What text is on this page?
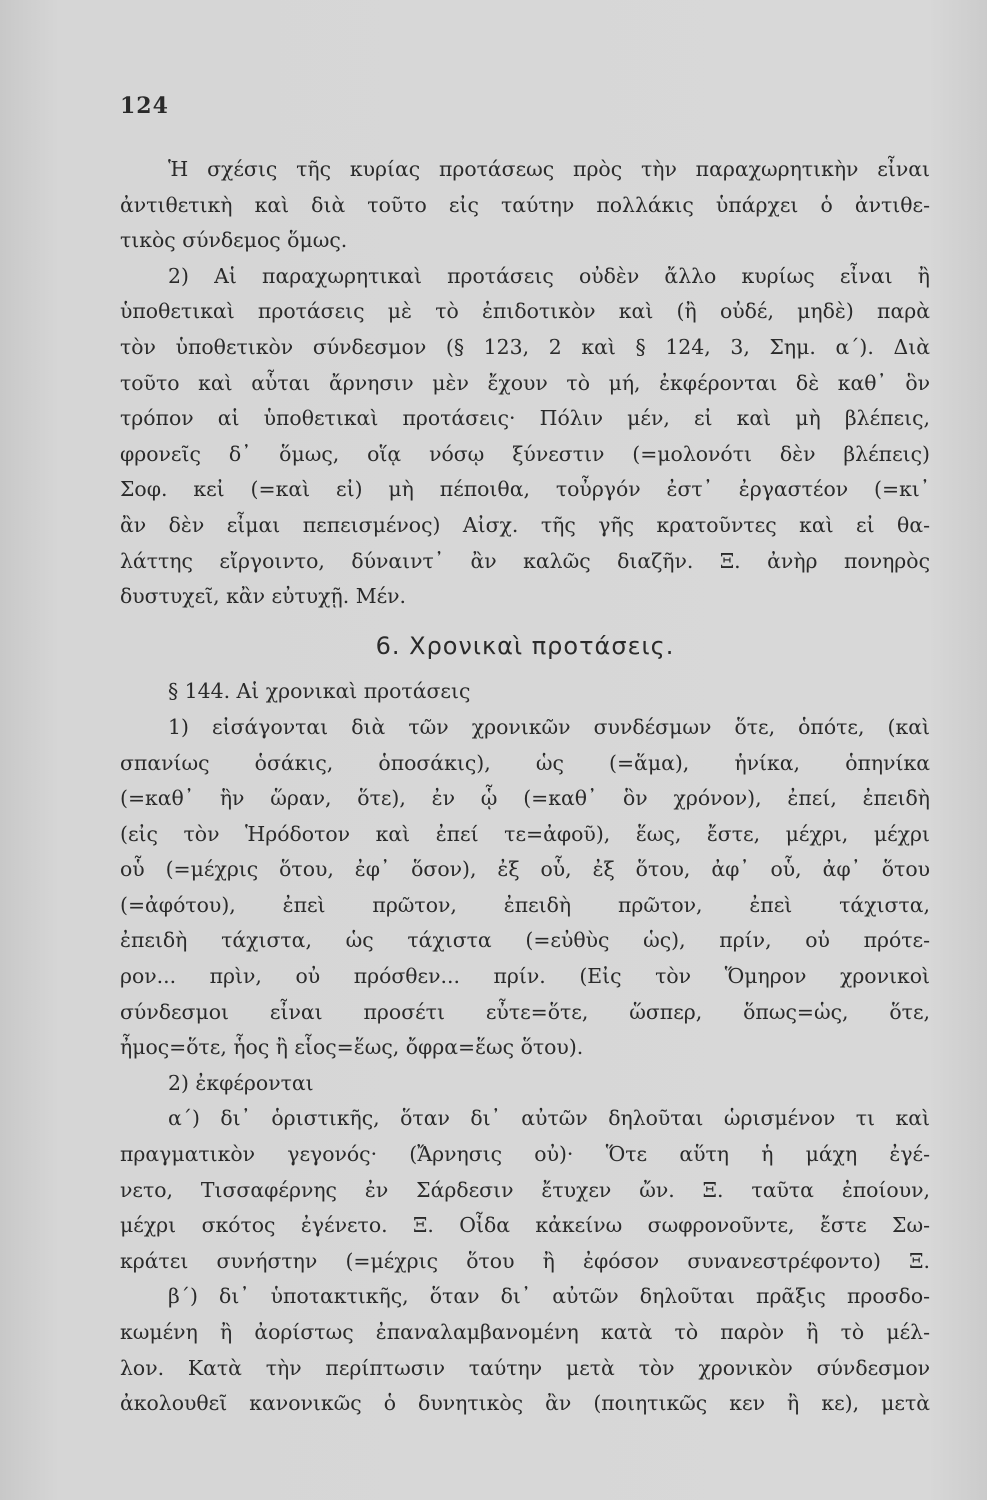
124
Ἡ σχέσις τῆς κυρίας προτάσεως πρὸς τὴν παραχωρητικὴν εἶναι
ἀντιθετικὴ καὶ διὰ τοῦτο εἰς ταύτην πολλάκις ὑπάρχει ὁ ἀντιθε-
τικὸς σύνδεμος ὅμως.
2) Αἱ παραχωρητικαὶ προτάσεις οὐδὲν ἄλλο κυρίως εἶναι ἢ
ὑποθετικαὶ προτάσεις μὲ τὸ ἐπιδοτικὸν καὶ (ἢ οὐδέ, μηδὲ) παρὰ
τὸν ὑποθετικὸν σύνδεσμον (§ 123, 2 καὶ § 124, 3, Σημ. α΄). Διὰ
τοῦτο καὶ αὗται ἄρνησιν μὲν ἔχουν τὸ μή, ἐκφέρονται δὲ καθ᾽ ὃν
τρόπον αἱ ὑποθετικαὶ προτάσεις· Πόλιν μέν, εἰ καὶ μὴ βλέπεις,
φρονεῖς δ᾽ ὅμως, οἵᾳ νόσῳ ξύνεστιν (=μολονότι δὲν βλέπεις)
Σοφ. κεἰ (=καὶ εἰ) μὴ πέποιθα, τοὖργόν ἐστ᾽ ἐργαστέον (=κι᾽
ἂν δὲν εἶμαι πεπεισμένος) Αἰσχ. τῆς γῆς κρατοῦντες καὶ εἰ θα-
λάττης εἴργοιντο, δύναιντ᾽ ἂν καλῶς διαζῆν. Ξ. ἀνὴρ πονηρὸς
δυστυχεῖ, κἂν εὐτυχῇ. Μέν.
6. Χρονικαὶ προτάσεις.
§ 144. Αἱ χρονικαὶ προτάσεις
1) εἰσάγονται διὰ τῶν χρονικῶν συνδέσμων ὅτε, ὁπότε, (καὶ
σπανίως ὁσάκις, ὁποσάκις), ὡς (=ἅμα), ἡνίκα, ὁπηνίκα
(=καθ᾽ ἣν ὥραν, ὅτε), ἐν ᾧ (=καθ᾽ ὃν χρόνον), ἐπεί, ἐπειδὴ
(εἰς τὸν Ἡρόδοτον καὶ ἐπεί τε=ἀφοῦ), ἕως, ἔστε, μέχρι, μέχρι
οὗ (=μέχρις ὅτου, ἐφ᾽ ὅσον), ἐξ οὗ, ἐξ ὅτου, ἀφ᾽ οὗ, ἀφ᾽ ὅτου
(=ἀφότου), ἐπεὶ πρῶτον, ἐπειδὴ πρῶτον, ἐπεὶ τάχιστα,
ἐπειδὴ τάχιστα, ὡς τάχιστα (=εὐθὺς ὡς), πρίν, οὐ πρότε-
ρον... πρὶν, οὐ πρόσθεν... πρίν. (Εἰς τὸν Ὅμηρον χρονικοὶ
σύνδεσμοι εἶναι προσέτι εὖτε=ὅτε, ὥσπερ, ὅπως=ὡς, ὅτε,
ἦμος=ὅτε, ἧος ἢ εἷος=ἕως, ὄφρα=ἕως ὅτου).
2) ἐκφέρονται
α΄) δι᾽ ὁριστικῆς, ὅταν δι᾽ αὐτῶν δηλοῦται ὡρισμένον τι καὶ
πραγματικὸν γεγονός· (Ἄρνησις οὐ)· Ὅτε αὕτη ἡ μάχη ἐγέ-
νετο, Τισσαφέρνης ἐν Σάρδεσιν ἔτυχεν ὤν. Ξ. ταῦτα ἐποίουν,
μέχρι σκότος ἐγένετο. Ξ. Οἶδα κἀκείνω σωφρονοῦντε, ἔστε Σω-
κράτει συνήστην (=μέχρις ὅτου ἢ ἐφόσον συνανεστρέφοντο) Ξ.
β΄) δι᾽ ὑποτακτικῆς, ὅταν δι᾽ αὐτῶν δηλοῦται πρᾶξις προσδο-
κωμένη ἢ ἀορίστως ἐπαναλαμβανομένη κατὰ τὸ παρὸν ἢ τὸ μέλ-
λον. Κατὰ τὴν περίπτωσιν ταύτην μετὰ τὸν χρονικὸν σύνδεσμον
ἀκολουθεῖ κανονικῶς ὁ δυνητικὸς ἂν (ποιητικῶς κεν ἢ κε), μετὰ
